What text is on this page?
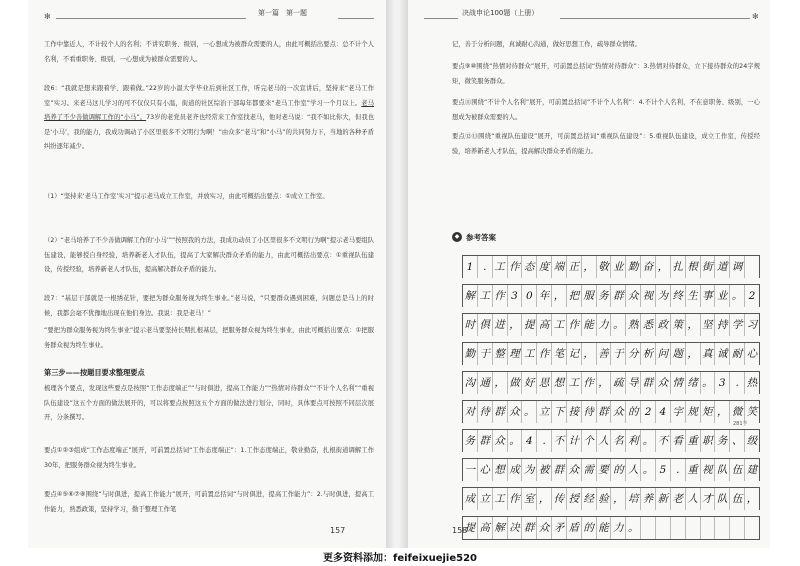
✻	第一篇　第一题	决战申论100题（上册）	✻
工作中靠近人，不计较个人的名利；不讲究职务、级别，一心想成为被群众需要的人，由此可概括出要点：总不计个人名利，不看重职务、级别，一心想成为被群众需要的人。
段6：“我就是想来跟着学、跟着做。”22岁的小温大学毕业后到社区工作，听完老马的一次宣讲后，坚持来“老马工作室”实习。来老马这儿学习的可不仅仅只有小温，街道的社区综治干部每年都要来“老马工作室”学习一个月以上。老马培养了不少善做调解工作的“小马”。73岁的老党员老齐也经常来工作室找老马，他对老马说：“我不如比你大，但我也是‘小马’，我的能力，我成功调动了小区里很多不文明行为啊！”由众多“老马”和“小马”的共同努力下，当地的各种矛盾纠纷逐年减少。
（1）“坚持来‘老马工作室’实习”提示老马成立工作室，并放实习，由此可概括出要点：①成立工作室。
（2）“老马培养了不少善做调解工作的‘小马’”“按照我的方法，我成功动员了小区里很多不文明行为啊”提示老马要组队伍建设，能够授自身经验，培养新老人才队伍，提高了大家解决群众矛盾的能力，由此可概括出要点：①重视队伍建设，传授经验，培养新老人才队伍，提高解决群众矛盾的能力。
段7：“基层干部就是一根绣花针，要把为群众服务视为终生事业。”老马说，“只要群众遇到困难，问题总是马上的时候，我都会毫不犹豫地出现在他们身边。我说：我是老马！”
“要把为群众服务视为终生事业”提示老马要坚持长期扎根基层，把服务群众视为终生事业，由此可概括出要点：①把服务群众视为终生事业。
第三步——按题目要求整理要点
梳理各个要点，发现这些要点是按照“工作态度端正”“与时俱进，提高工作能力”“热情对待群众”“不计个人名利”“重视队伍建设”这五个方面的做法展开的，可以将要点按照这五个方面的做法进行划分，同时，具体要点可按照不同层次展开，分条撰写。
要点①②③组成“工作态度端正”展开，可前置总括词“工作态度端正”：1.工作态度端正，敬业勤奋，扎根街道调解工作30年，把服务群众视为终生事业。
要点④⑤⑥⑦⑧围绕“与时俱进，提高工作能力”展开，可前置总括词“与时俱进，提高工作能力”：2.与时俱进，提高工作能力，熟悉政策，坚持学习，勤于整理工作笔
157
记，善于分析问题，真诚耐心沟通，做好思想工作，疏导群众情绪。
要点⑨⑩围绕“热情对待群众”展开，可前置总括词“热情对待群众”：3.热情对待群众，立下接待群众的24字规矩，微笑服务群众。
要点⑪围绕“不计个人名利”展开，可前置总括词“不计个人名利”：4.不计个人名利，不在意职务、级别，一心想成为被群众需要的人。
要点⑫⑬围绕“重视队伍建设”展开，可前置总括词“重视队伍建设”：5.重视队伍建设，成立工作室，传授经验，培养新老人才队伍，提高解决群众矛盾的能力。
◆ 参考答案
1 . 工 作 态 度 端 正 ， 敬 业 勤 奋 ， 扎 根 街 道 调
解 工 作 3 0 年 ， 把 服 务 群 众 视 为 终 生 事 业 。 2
时 俱 进 ， 提 高 工 作 能 力 。 熟 悉 政 策 ， 坚 持 学 习
勤 于 整 理 工 作 笔 记 ， 善 于 分 析 问 题 ， 真 诚 耐 心
沟 通 ， 做 好 思 想 工 作 ， 疏 导 群 众 情 绪 。 3 . 热
对 待 群 众 。 立 下 接 待 群 众 的 2 4 字 规 矩 ， 微 笑
务 群 众 。 4 . 不 计 个 人 名 利 。 不 看 重 职 务 、 级
一 心 想 成 为 被 群 众 需 要 的 人 。 5 . 重 视 队 伍 建
成 立 工 作 室 ， 传 授 经 验 ， 培 养 新 老 人 才 队 伍 ，
提 高 解 决 群 众 矛 盾 的 能 力 。
281字
158
更多资料添加：feifeixuejie520
